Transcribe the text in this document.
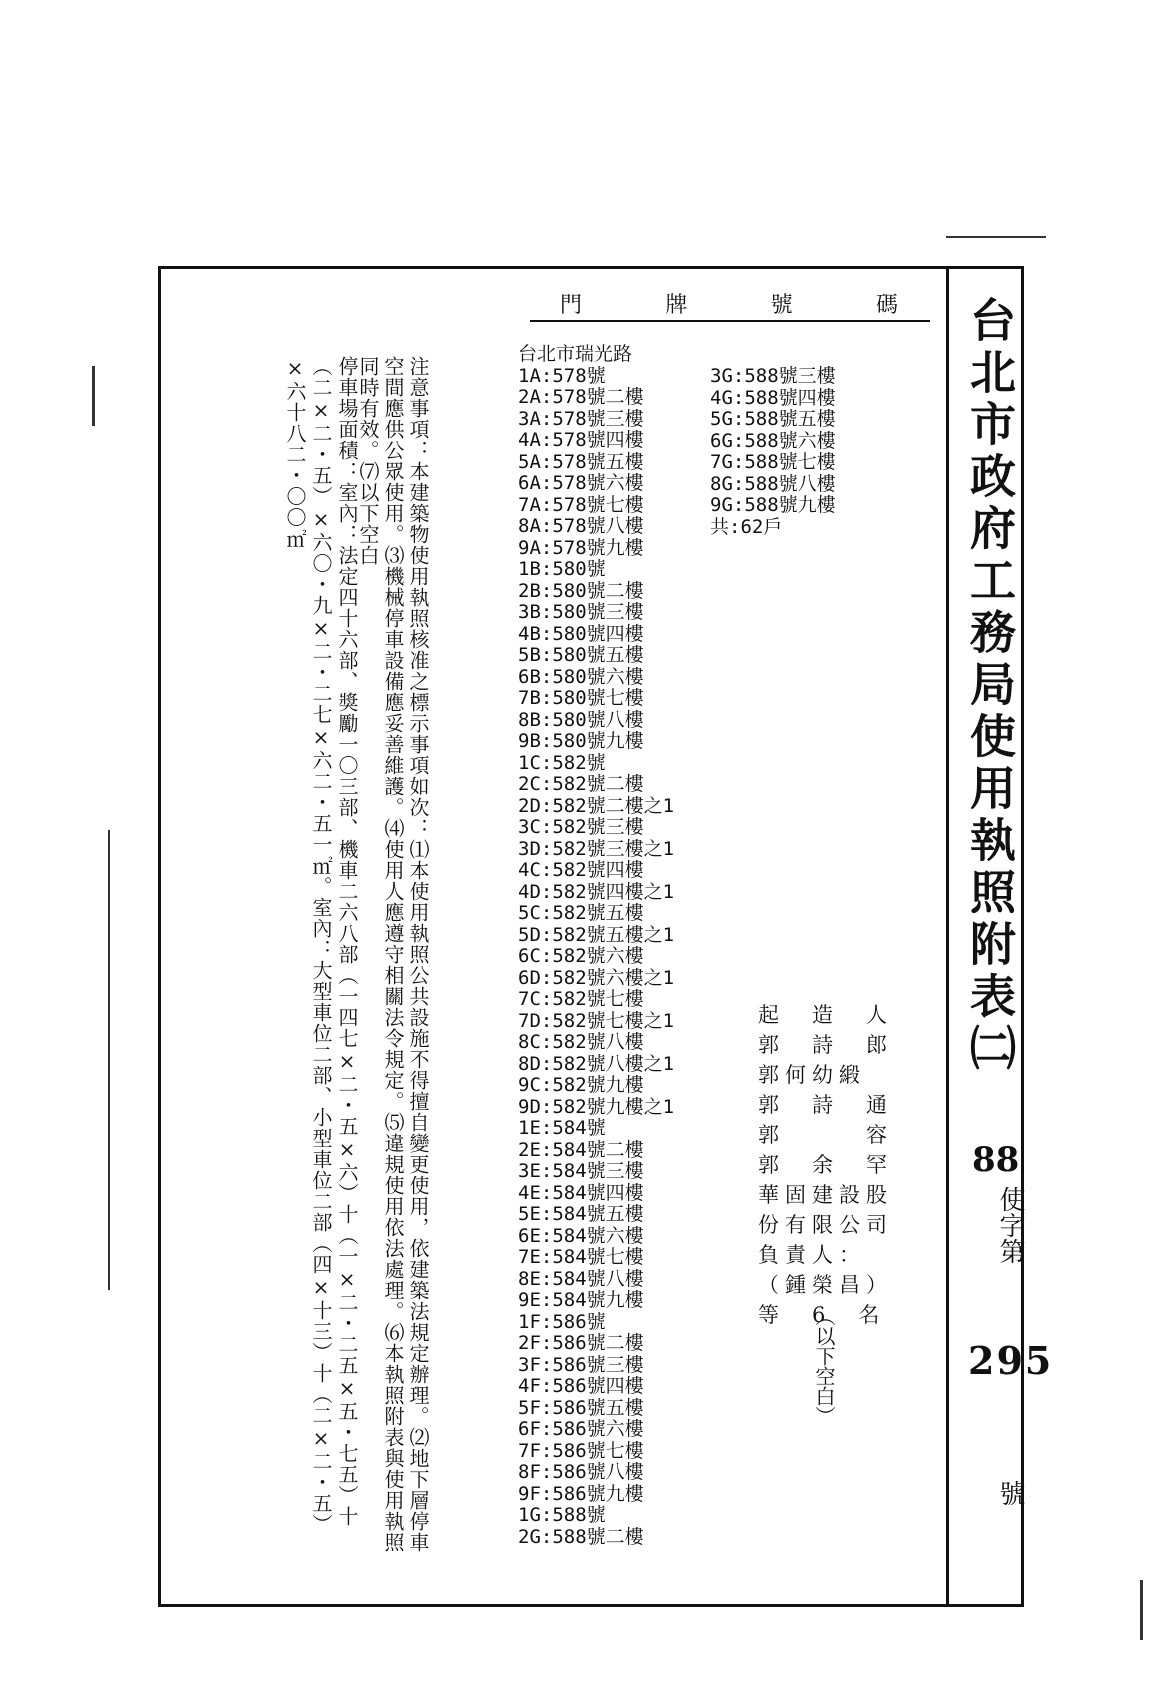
門	牌	號	碼 台北市政府工務局使用執照附表㈡
88
使字第
295
號
台北市瑞光路
1A:578號
2A:578號二樓
3A:578號三樓
4A:578號四樓
5A:578號五樓
6A:578號六樓
7A:578號七樓
8A:578號八樓
9A:578號九樓
1B:580號
2B:580號二樓
3B:580號三樓
4B:580號四樓
5B:580號五樓
6B:580號六樓
7B:580號七樓
8B:580號八樓
9B:580號九樓
1C:582號
2C:582號二樓
2D:582號二樓之1
3C:582號三樓
3D:582號三樓之1
4C:582號四樓
4D:582號四樓之1
5C:582號五樓
5D:582號五樓之1
6C:582號六樓
6D:582號六樓之1
7C:582號七樓
7D:582號七樓之1
8C:582號八樓
8D:582號八樓之1
9C:582號九樓
9D:582號九樓之1
1E:584號
2E:584號二樓
3E:584號三樓
4E:584號四樓
5E:584號五樓
6E:584號六樓
7E:584號七樓
8E:584號八樓
9E:584號九樓
1F:586號
2F:586號二樓
3F:586號三樓
4F:586號四樓
5F:586號五樓
6F:586號六樓
7F:586號七樓
8F:586號八樓
9F:586號九樓
1G:588號
2G:588號二樓
3G:588號三樓
4G:588號四樓
5G:588號五樓
6G:588號六樓
7G:588號七樓
8G:588號八樓
9G:588號九樓
共:62戶
起　造　人
郭　詩　郎
郭何幼緞
郭　詩　通
郭　　　容
郭　余　罕
華固建設股
份有限公司
負責人：
（鍾榮昌）
等　6　名
（以下空白）
注意事項：本建築物使用執照核准之標示事項如次：⑴本使用執照公共設施不得擅自變更使用，依建築法規定辦理。⑵地下層停車空間應供公眾使用。⑶機械停車設備應妥善維護。⑷使用人應遵守相關法令規定。⑸違規使用依法處理。⑹本執照附表與使用執照同時有效。⑺以下空白
停車場面積：室內：法定四十六部、獎勵一〇三部、機車二六八部（一四七×二・五×六）十（一×二・二五×五・七五）十（二×二・五）×六〇・九×二・二七×六二・五一㎡。室內：大型車位二部、小型車位二部（四×十三）十（二×二・五）×六十八二・〇〇㎡
